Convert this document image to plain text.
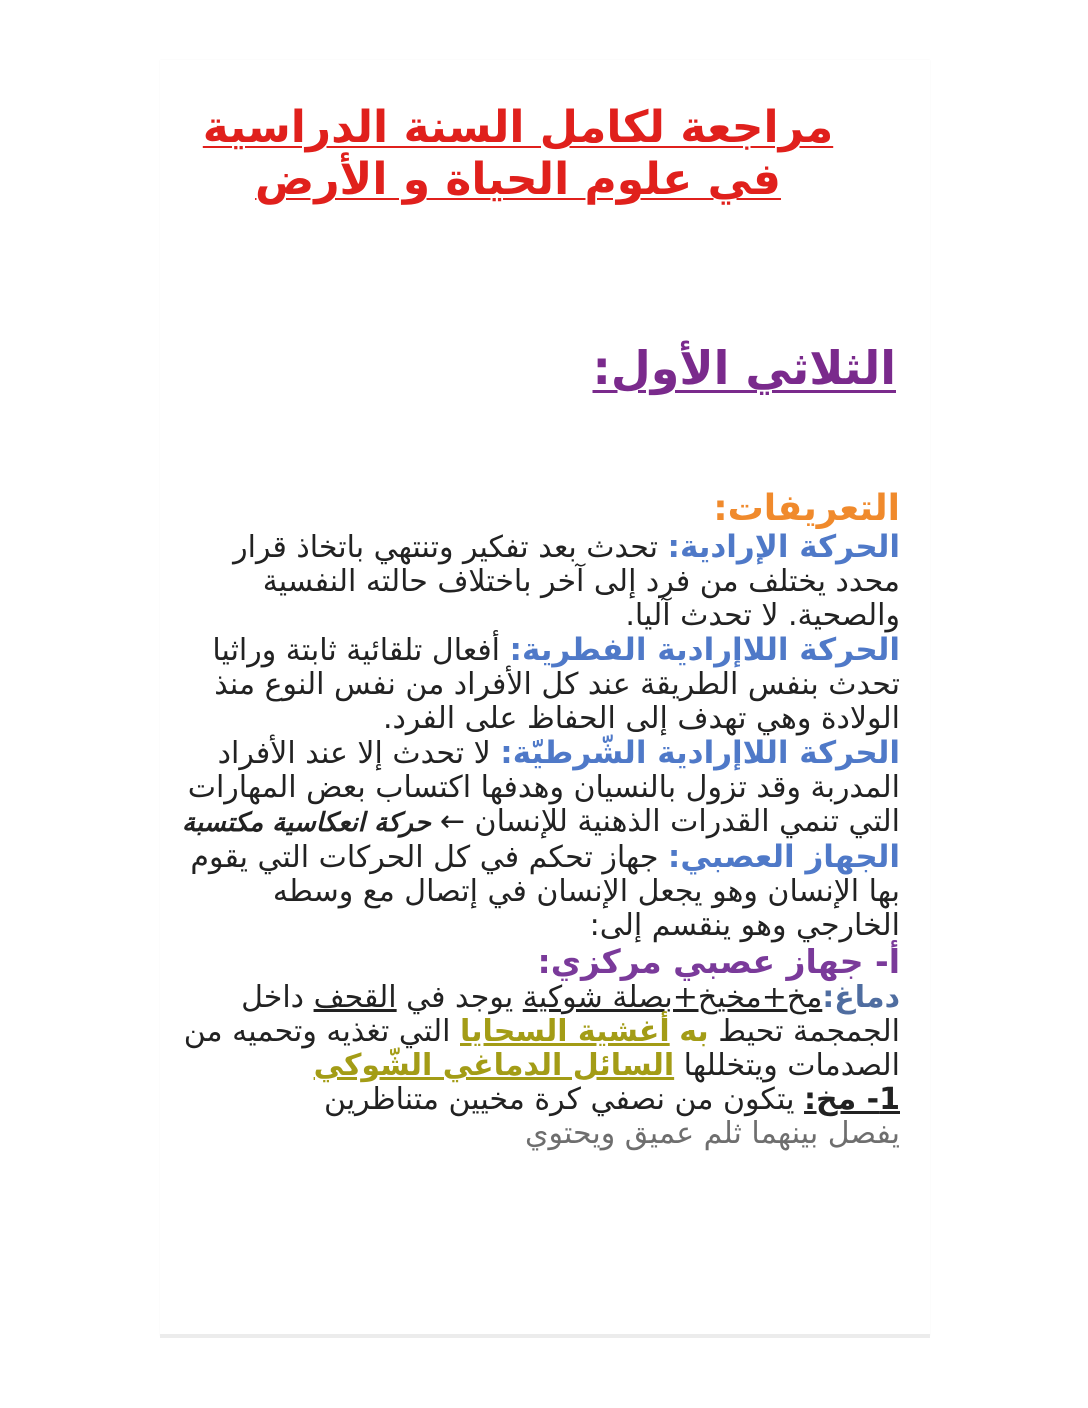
مراجعة لكامل السنة الدراسية
في علوم الحياة و الأرض
الثلاثي الأول:

التعريفات:

الحركة الإرادية: تحدث بعد تفكير وتنتهي باتخاذ قرار محدد يختلف من فرد إلى آخر باختلاف حالته النفسية والصحية. لا تحدث آليا.

الحركة اللاإرادية الفطرية: أفعال تلقائية ثابتة وراثيا تحدث بنفس الطريقة عند كل الأفراد من نفس النوع منذ الولادة وهي تهدف إلى الحفاظ على الفرد.

الحركة اللاإرادية الشّرطيّة: لا تحدث إلا عند الأفراد المدربة وقد تزول بالنسيان وهدفها اكتساب بعض المهارات التي تنمي القدرات الذهنية للإنسان ← حركة انعكاسية مكتسبة

الجهاز العصبي: جهاز تحكم في كل الحركات التي يقوم بها الإنسان وهو يجعل الإنسان في إتصال مع وسطه الخارجي وهو ينقسم إلى:

أ- جهاز عصبي مركزي:

دماغ:مخ+مخيخ+بصلة شوكية يوجد في القحف داخل الجمجمة تحيط به أغشية السحايا التي تغذيه وتحميه من الصدمات ويتخللها السائل الدماغي الشّوكي

1- مخ: يتكون من نصفي كرة مخيين متناظرين

يفصل بينهما ثلم عميق ويحتوي
